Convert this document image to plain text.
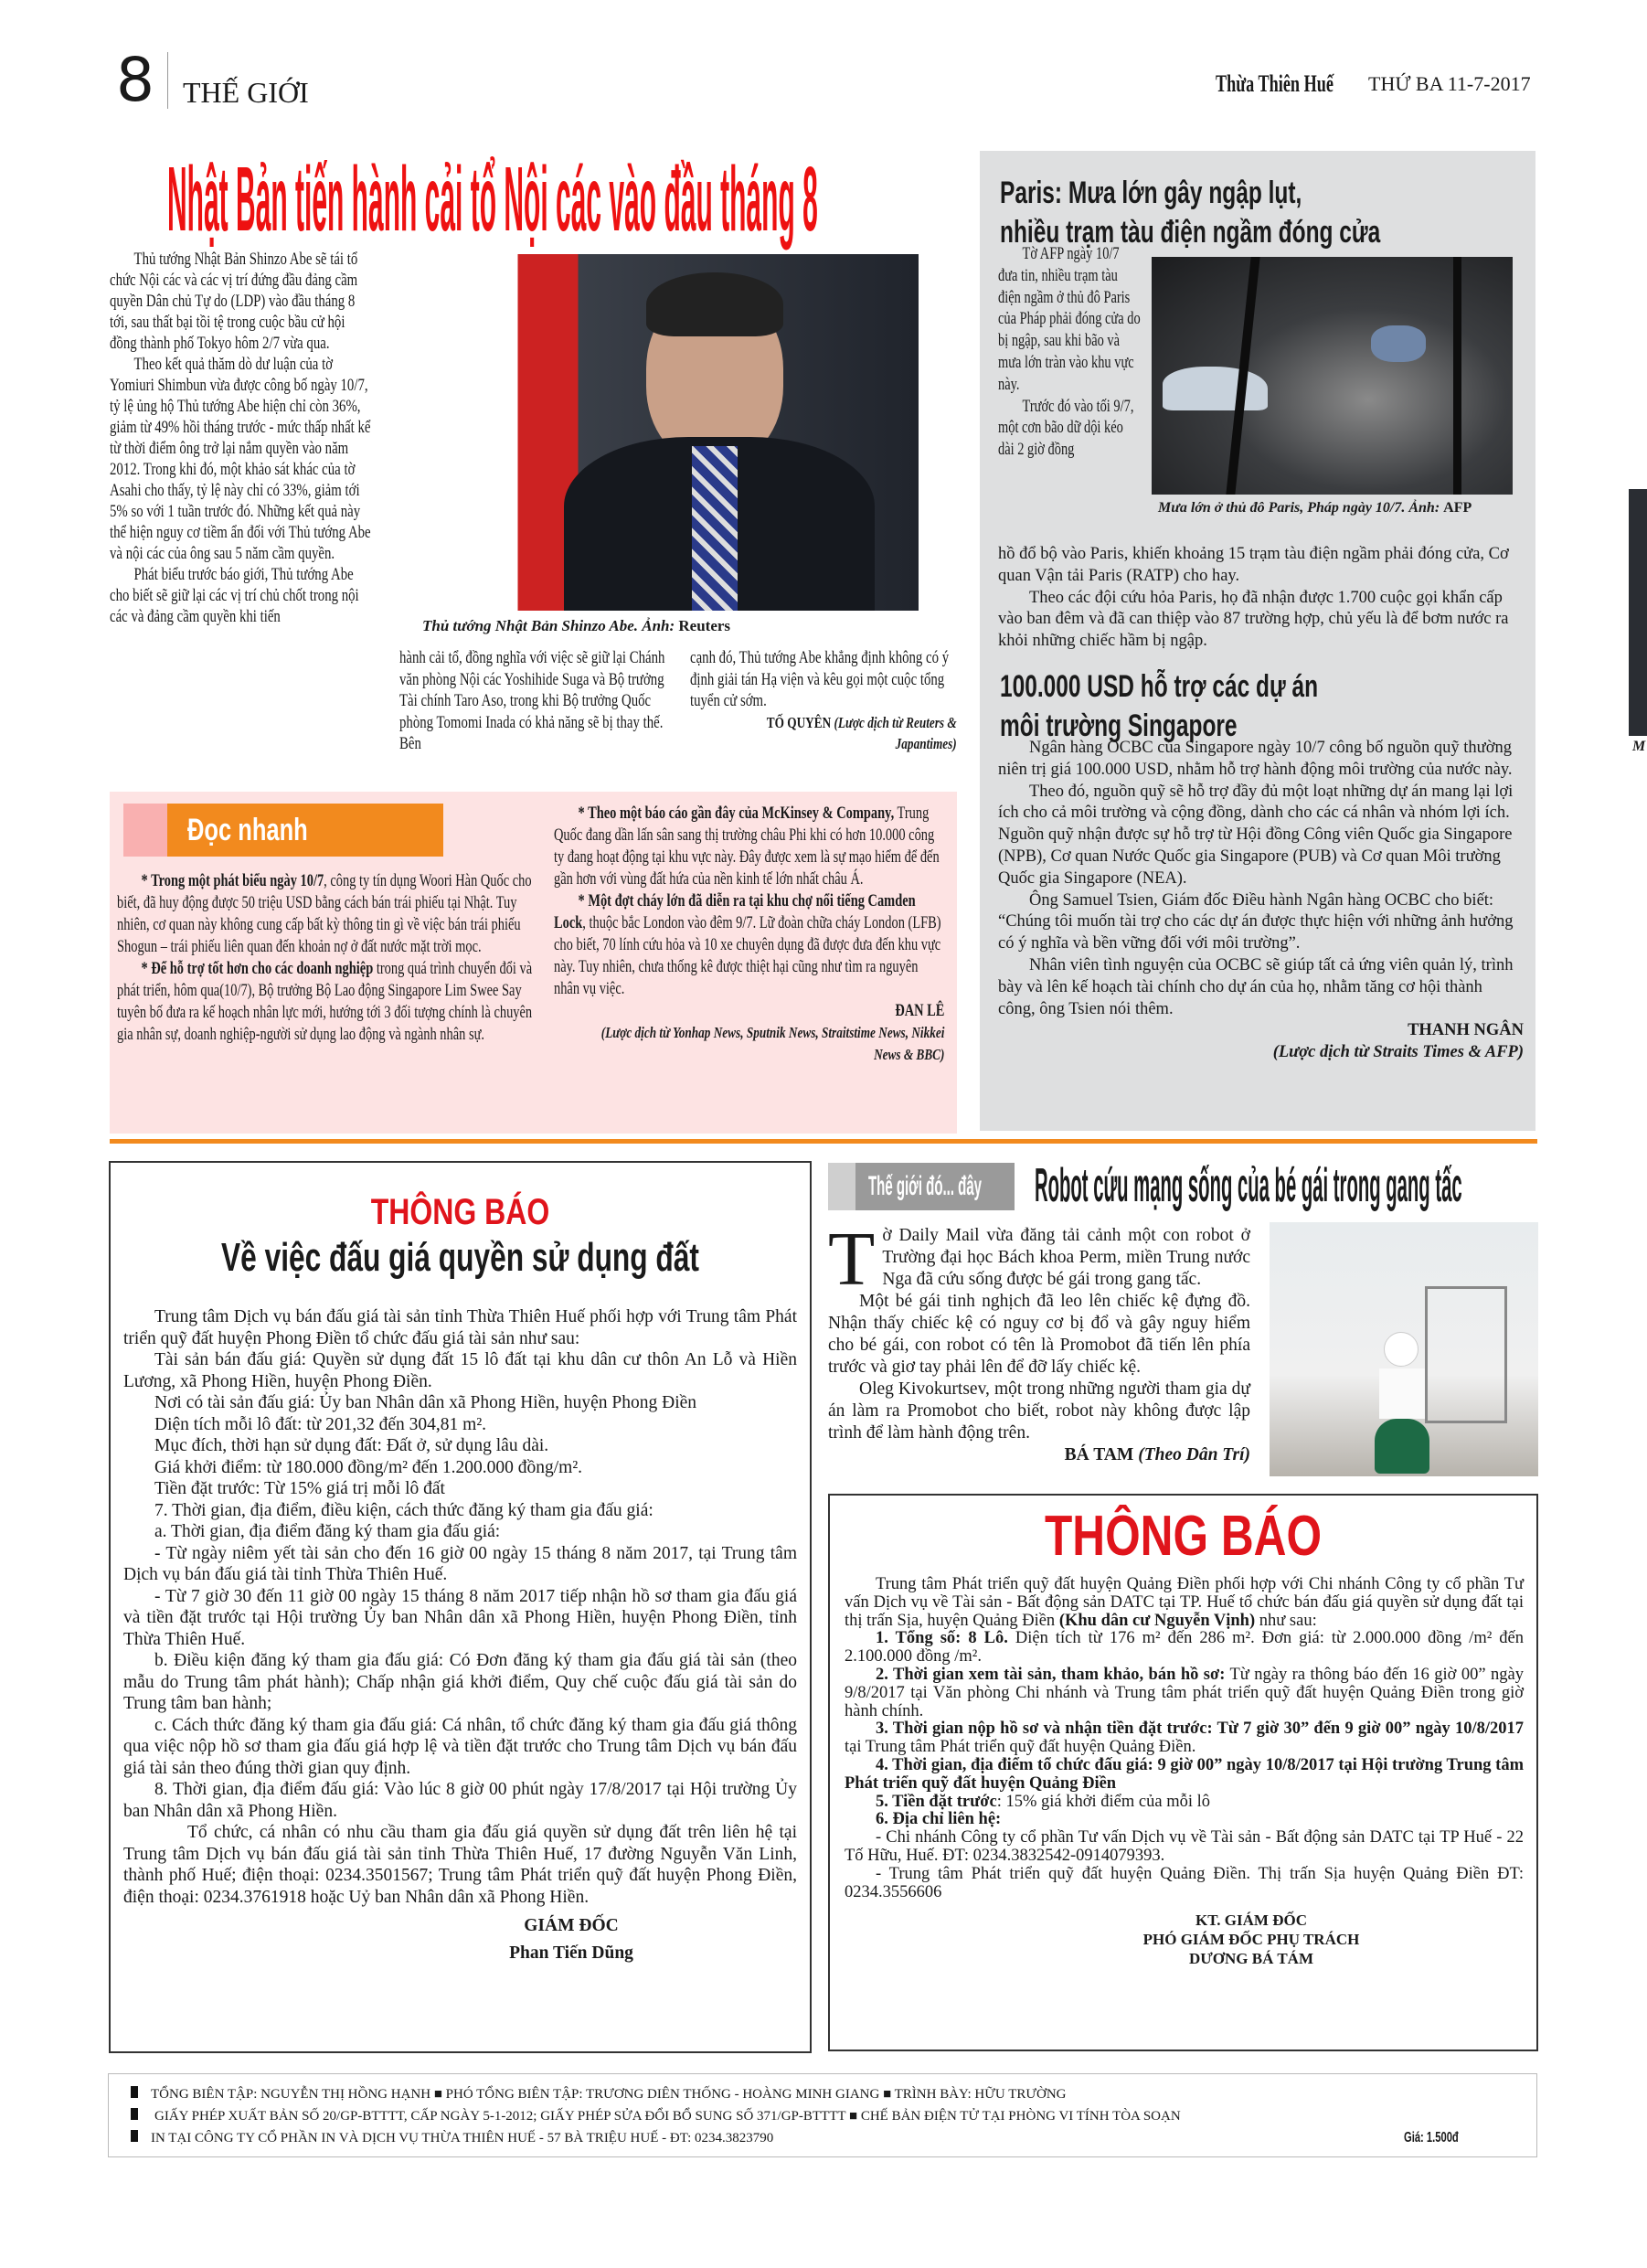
8 THẾ GIỚI	Thừa Thiên Huế	THỨ BA 11-7-2017
Nhật Bản tiến hành cải tổ Nội các vào đầu tháng 8

Thủ tướng Nhật Bản Shinzo Abe sẽ tái tổ chức Nội các và các vị trí đứng đầu đảng cầm quyền Dân chủ Tự do (LDP) vào đầu tháng 8 tới, sau thất bại tồi tệ trong cuộc bầu cử hội đồng thành phố Tokyo hôm 2/7 vừa qua.

Theo kết quả thăm dò dư luận của tờ Yomiuri Shimbun vừa được công bố ngày 10/7, tỷ lệ ủng hộ Thủ tướng Abe hiện chỉ còn 36%, giảm từ 49% hồi tháng trước - mức thấp nhất kể từ thời điểm ông trở lại nắm quyền vào năm 2012. Trong khi đó, một khảo sát khác của tờ Asahi cho thấy, tỷ lệ này chỉ có 33%, giảm tới 5% so với 1 tuần trước đó. Những kết quả này thể hiện nguy cơ tiềm ẩn đối với Thủ tướng Abe và nội các của ông sau 5 năm cầm quyền.

Phát biểu trước báo giới, Thủ tướng Abe cho biết sẽ giữ lại các vị trí chủ chốt trong nội các và đảng cầm quyền khi tiến	Thủ tướng Nhật Bản Shinzo Abe. Ảnh: Reuters

hành cải tổ, đồng nghĩa với việc sẽ giữ lại Chánh văn phòng Nội các Yoshihide Suga và Bộ trưởng Tài chính Taro Aso, trong khi Bộ trưởng Quốc phòng Tomomi Inada có khả năng sẽ bị thay thế. Bên

cạnh đó, Thủ tướng Abe khẳng định không có ý định giải tán Hạ viện và kêu gọi một cuộc tổng tuyển cử sớm.

TỐ QUYÊN (Lược dịch từ Reuters & Japantimes)

Paris: Mưa lớn gây ngập lụt,
nhiều trạm tàu điện ngầm đóng cửa

Tờ AFP ngày 10/7 đưa tin, nhiều trạm tàu điện ngầm ở thủ đô Paris của Pháp phải đóng cửa do bị ngập, sau khi bão và mưa lớn tràn vào khu vực này.

Trước đó vào tối 9/7, một cơn bão dữ dội kéo dài 2 giờ đồng

Mưa lớn ở thủ đô Paris, Pháp ngày 10/7. Ảnh: AFP

hồ đổ bộ vào Paris, khiến khoảng 15 trạm tàu điện ngầm phải đóng cửa, Cơ quan Vận tải Paris (RATP) cho hay.

Theo các đội cứu hỏa Paris, họ đã nhận được 1.700 cuộc gọi khẩn cấp vào ban đêm và đã can thiệp vào 87 trường hợp, chủ yếu là để bơm nước ra khỏi những chiếc hầm bị ngập.

100.000 USD hỗ trợ các dự án
môi trường Singapore

Ngân hàng OCBC của Singapore ngày 10/7 công bố nguồn quỹ thường niên trị giá 100.000 USD, nhằm hỗ trợ hành động môi trường của nước này.

Theo đó, nguồn quỹ sẽ hỗ trợ đầy đủ một loạt những dự án mang lại lợi ích cho cả môi trường và cộng đồng, dành cho các cá nhân và nhóm lợi ích. Nguồn quỹ nhận được sự hỗ trợ từ Hội đồng Công viên Quốc gia Singapore (NPB), Cơ quan Nước Quốc gia Singapore (PUB) và Cơ quan Môi trường Quốc gia Singapore (NEA).

Ông Samuel Tsien, Giám đốc Điều hành Ngân hàng OCBC cho biết: “Chúng tôi muốn tài trợ cho các dự án được thực hiện với những ảnh hưởng có ý nghĩa và bền vững đối với môi trường”.

Nhân viên tình nguyện của OCBC sẽ giúp tất cả ứng viên quản lý, trình bày và lên kế hoạch tài chính cho dự án của họ, nhằm tăng cơ hội thành công, ông Tsien nói thêm.

THANH NGÂN

(Lược dịch từ Straits Times & AFP)

M
Đọc nhanh

* Trong một phát biểu ngày 10/7, công ty tín dụng Woori Hàn Quốc cho biết, đã huy động được 50 triệu USD bằng cách bán trái phiếu tại Nhật. Tuy nhiên, cơ quan này không cung cấp bất kỳ thông tin gì về việc bán trái phiếu Shogun – trái phiếu liên quan đến khoản nợ ở đất nước mặt trời mọc.

* Để hỗ trợ tốt hơn cho các doanh nghiệp trong quá trình chuyển đổi và phát triển, hôm qua(10/7), Bộ trưởng Bộ Lao động Singapore Lim Swee Say tuyên bố đưa ra kế hoạch nhân lực mới, hướng tới 3 đối tượng chính là chuyên gia nhân sự, doanh nghiệp-người sử dụng lao động và ngành nhân sự.

* Theo một báo cáo gần đây của McKinsey & Company, Trung Quốc đang dần lấn sân sang thị trường châu Phi khi có hơn 10.000 công ty đang hoạt động tại khu vực này. Đây được xem là sự mạo hiểm để đến gần hơn với vùng đất hứa của nền kinh tế lớn nhất châu Á.

* Một đợt cháy lớn đã diễn ra tại khu chợ nổi tiếng Camden Lock, thuộc bắc London vào đêm 9/7. Lữ đoàn chữa cháy London (LFB) cho biết, 70 lính cứu hỏa và 10 xe chuyên dụng đã được đưa đến khu vực này. Tuy nhiên, chưa thống kê được thiệt hại cũng như tìm ra nguyên nhân vụ việc.

ĐAN LÊ

(Lược dịch từ Yonhap News, Sputnik News, Straitstime News, Nikkei News & BBC)

THÔNG BÁO
Về việc đấu giá quyền sử dụng đất

Trung tâm Dịch vụ bán đấu giá tài sản tỉnh Thừa Thiên Huế phối hợp với Trung tâm Phát triển quỹ đất huyện Phong Điền tổ chức đấu giá tài sản như sau:

Tài sản bán đấu giá: Quyền sử dụng đất 15 lô đất tại khu dân cư thôn An Lỗ và Hiền Lương, xã Phong Hiền, huyện Phong Điền.

Nơi có tài sản đấu giá: Ủy ban Nhân dân xã Phong Hiền, huyện Phong Điền

Diện tích mỗi lô đất: từ 201,32 đến 304,81 m².

Mục đích, thời hạn sử dụng đất: Đất ở, sử dụng lâu dài.

Giá khởi điểm: từ 180.000 đồng/m² đến 1.200.000 đồng/m².

Tiền đặt trước: Từ 15% giá trị mỗi lô đất

7. Thời gian, địa điểm, điều kiện, cách thức đăng ký tham gia đấu giá:

a. Thời gian, địa điểm đăng ký tham gia đấu giá:

- Từ ngày niêm yết tài sản cho đến 16 giờ 00 ngày 15 tháng 8 năm 2017, tại Trung tâm Dịch vụ bán đấu giá tài tỉnh Thừa Thiên Huế.

- Từ 7 giờ 30 đến 11 giờ 00 ngày 15 tháng 8 năm 2017 tiếp nhận hồ sơ tham gia đấu giá và tiền đặt trước tại Hội trường Ủy ban Nhân dân xã Phong Hiền, huyện Phong Điền, tỉnh Thừa Thiên Huế.

b. Điều kiện đăng ký tham gia đấu giá: Có Đơn đăng ký tham gia đấu giá tài sản (theo mẫu do Trung tâm phát hành); Chấp nhận giá khởi điểm, Quy chế cuộc đấu giá tài sản do Trung tâm ban hành;

c. Cách thức đăng ký tham gia đấu giá: Cá nhân, tổ chức đăng ký tham gia đấu giá thông qua việc nộp hồ sơ tham gia đấu giá hợp lệ và tiền đặt trước cho Trung tâm Dịch vụ bán đấu giá tài sản theo đúng thời gian quy định.

8. Thời gian, địa điểm đấu giá: Vào lúc 8 giờ 00 phút ngày 17/8/2017 tại Hội trường Ủy ban Nhân dân xã Phong Hiền.

Tổ chức, cá nhân có nhu cầu tham gia đấu giá quyền sử dụng đất trên liên hệ tại Trung tâm Dịch vụ bán đấu giá tài sản tỉnh Thừa Thiên Huế, 17 đường Nguyễn Văn Linh, thành phố Huế; điện thoại: 0234.3501567; Trung tâm Phát triển quỹ đất huyện Phong Điền, điện thoại: 0234.3761918 hoặc Uỷ ban Nhân dân xã Phong Hiền.

GIÁM ĐỐC

Phan Tiến Dũng

Thế giới đó... đây	Robot cứu mạng sống của bé gái trong gang tấc

Tờ Daily Mail vừa đăng tải cảnh một con robot ở Trường đại học Bách khoa Perm, miền Trung nước Nga đã cứu sống được bé gái trong gang tấc.

Một bé gái tinh nghịch đã leo lên chiếc kệ đựng đồ. Nhận thấy chiếc kệ có nguy cơ bị đổ và gây nguy hiểm cho bé gái, con robot có tên là Promobot đã tiến lên phía trước và giơ tay phải lên để đỡ lấy chiếc kệ.

Oleg Kivokurtsev, một trong những người tham gia dự án làm ra Promobot cho biết, robot này không được lập trình để làm hành động trên.

BÁ TAM (Theo Dân Trí)

THÔNG BÁO

Trung tâm Phát triển quỹ đất huyện Quảng Điền phối hợp với Chi nhánh Công ty cổ phần Tư vấn Dịch vụ về Tài sản - Bất động sản DATC tại TP. Huế tổ chức bán đấu giá quyền sử dụng đất tại thị trấn Sịa, huyện Quảng Điền (Khu dân cư Nguyễn Vịnh) như sau:

1. Tổng số: 8 Lô. Diện tích từ 176 m² đến 286 m². Đơn giá: từ 2.000.000 đồng /m² đến 2.100.000 đồng /m².

2. Thời gian xem tài sản, tham khảo, bán hồ sơ: Từ ngày ra thông báo đến 16 giờ 00” ngày 9/8/2017 tại Văn phòng Chi nhánh và Trung tâm phát triển quỹ đất huyện Quảng Điền trong giờ hành chính.

3. Thời gian nộp hồ sơ và nhận tiền đặt trước: Từ 7 giờ 30” đến 9 giờ 00” ngày 10/8/2017 tại Trung tâm Phát triển quỹ đất huyện Quảng Điền.

4. Thời gian, địa điểm tổ chức đấu giá: 9 giờ 00” ngày 10/8/2017 tại Hội trường Trung tâm Phát triển quỹ đất huyện Quảng Điền

5. Tiền đặt trước: 15% giá khởi điểm của mỗi lô

6. Địa chỉ liên hệ:

- Chi nhánh Công ty cổ phần Tư vấn Dịch vụ về Tài sản - Bất động sản DATC tại TP Huế - 22 Tố Hữu, Huế. ĐT: 0234.3832542-0914079393.

- Trung tâm Phát triển quỹ đất huyện Quảng Điền. Thị trấn Sịa huyện Quảng Điền ĐT: 0234.3556606

KT. GIÁM ĐỐC
PHÓ GIÁM ĐỐC PHỤ TRÁCH
DƯƠNG BÁ TÁM
TỔNG BIÊN TẬP: NGUYỄN THỊ HỒNG HẠNH ■ PHÓ TỔNG BIÊN TẬP: TRƯƠNG DIÊN THỐNG - HOÀNG MINH GIANG ■ TRÌNH BÀY: HỮU TRƯỜNG
GIẤY PHÉP XUẤT BẢN SỐ 20/GP-BTTTT, CẤP NGÀY 5-1-2012; GIẤY PHÉP SỬA ĐỔI BỔ SUNG SỐ 371/GP-BTTTT ■ CHẾ BẢN ĐIỆN TỬ TẠI PHÒNG VI TÍNH TÒA SOẠN
IN TẠI CÔNG TY CỔ PHẦN IN VÀ DỊCH VỤ THỪA THIÊN HUẾ - 57 BÀ TRIỆU HUẾ - ĐT: 0234.3823790	Giá: 1.500đ
